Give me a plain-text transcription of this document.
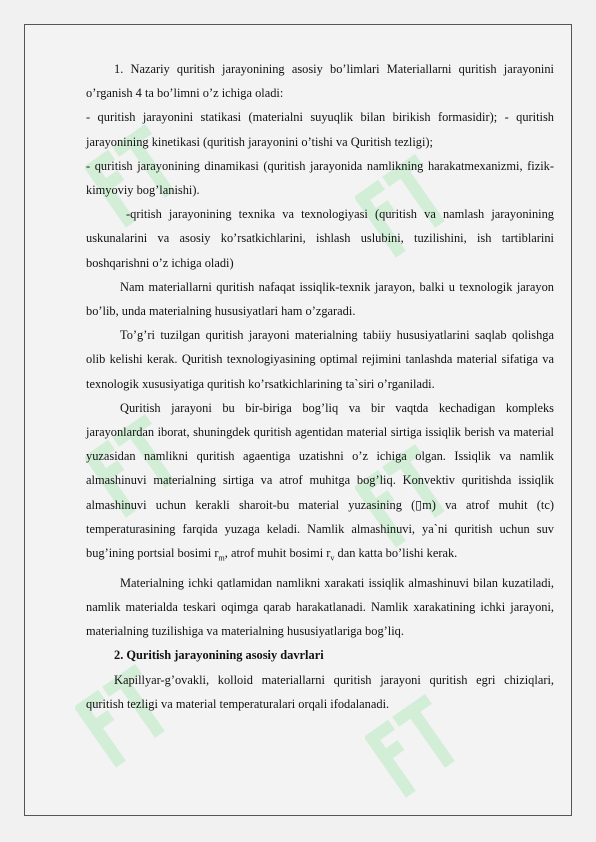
1. Nazariy quritish jarayonining asosiy bo’limlari Materiallarni quritish jarayonini o’rganish 4 ta bo’limni o’z ichiga oladi:

- quritish jarayonini statikasi (materialni suyuqlik bilan birikish formasidir); - quritish jarayonining kinetikasi (quritish jarayonini o’tishi va Quritish tezligi);

- quritish jarayonining dinamikasi (quritish jarayonida namlikning harakatmexanizmi, fizik-kimyoviy bog’lanishi).

-qritish jarayonining texnika va texnologiyasi (quritish va namlash jarayonining uskunalarini va asosiy ko’rsatkichlarini, ishlash uslubini, tuzilishini, ish tartiblarini boshqarishni o’z ichiga oladi)

Nam materiallarni quritish nafaqat issiqlik-texnik jarayon, balki u texnologik jarayon bo’lib, unda materialning hususiyatlari ham o’zgaradi.

To’g’ri tuzilgan quritish jarayoni materialning tabiiy hususiyatlarini saqlab qolishga olib kelishi kerak. Quritish texnologiyasining optimal rejimini tanlashda material sifatiga va texnologik xususiyatiga quritish ko’rsatkichlarining ta`siri o’rganiladi.

Quritish jarayoni bu bir-biriga bog’liq va bir vaqtda kechadigan kompleks jarayonlardan iborat, shuningdek quritish agentidan material sirtiga issiqlik berish va material yuzasidan namlikni quritish agaentiga uzatishni o’z ichiga olgan. Issiqlik va namlik almashinuvi materialning sirtiga va atrof muhitga bog’liq. Konvektiv quritishda issiqlik almashinuvi uchun kerakli sharoit-bu material yuzasining (▯m) va atrof muhit (tc) temperaturasining farqida yuzaga keladi. Namlik almashinuvi, ya`ni quritish uchun suv bug’ining portsial bosimi $r_m$, atrof muhit bosimi $r_v$ dan katta bo’lishi kerak.

Materialning ichki qatlamidan namlikni xarakati issiqlik almashinuvi bilan kuzatiladi, namlik materialda teskari oqimga qarab harakatlanadi. Namlik xarakatining ichki jarayoni, materialning tuzilishiga va materialning hususiyatlariga bog’liq.

2. Quritish jarayonining asosiy davrlari

Kapillyar-g’ovakli, kolloid materiallarni quritish jarayoni quritish egri chiziqlari, quritish tezligi va material temperaturalari orqali ifodalanadi.
